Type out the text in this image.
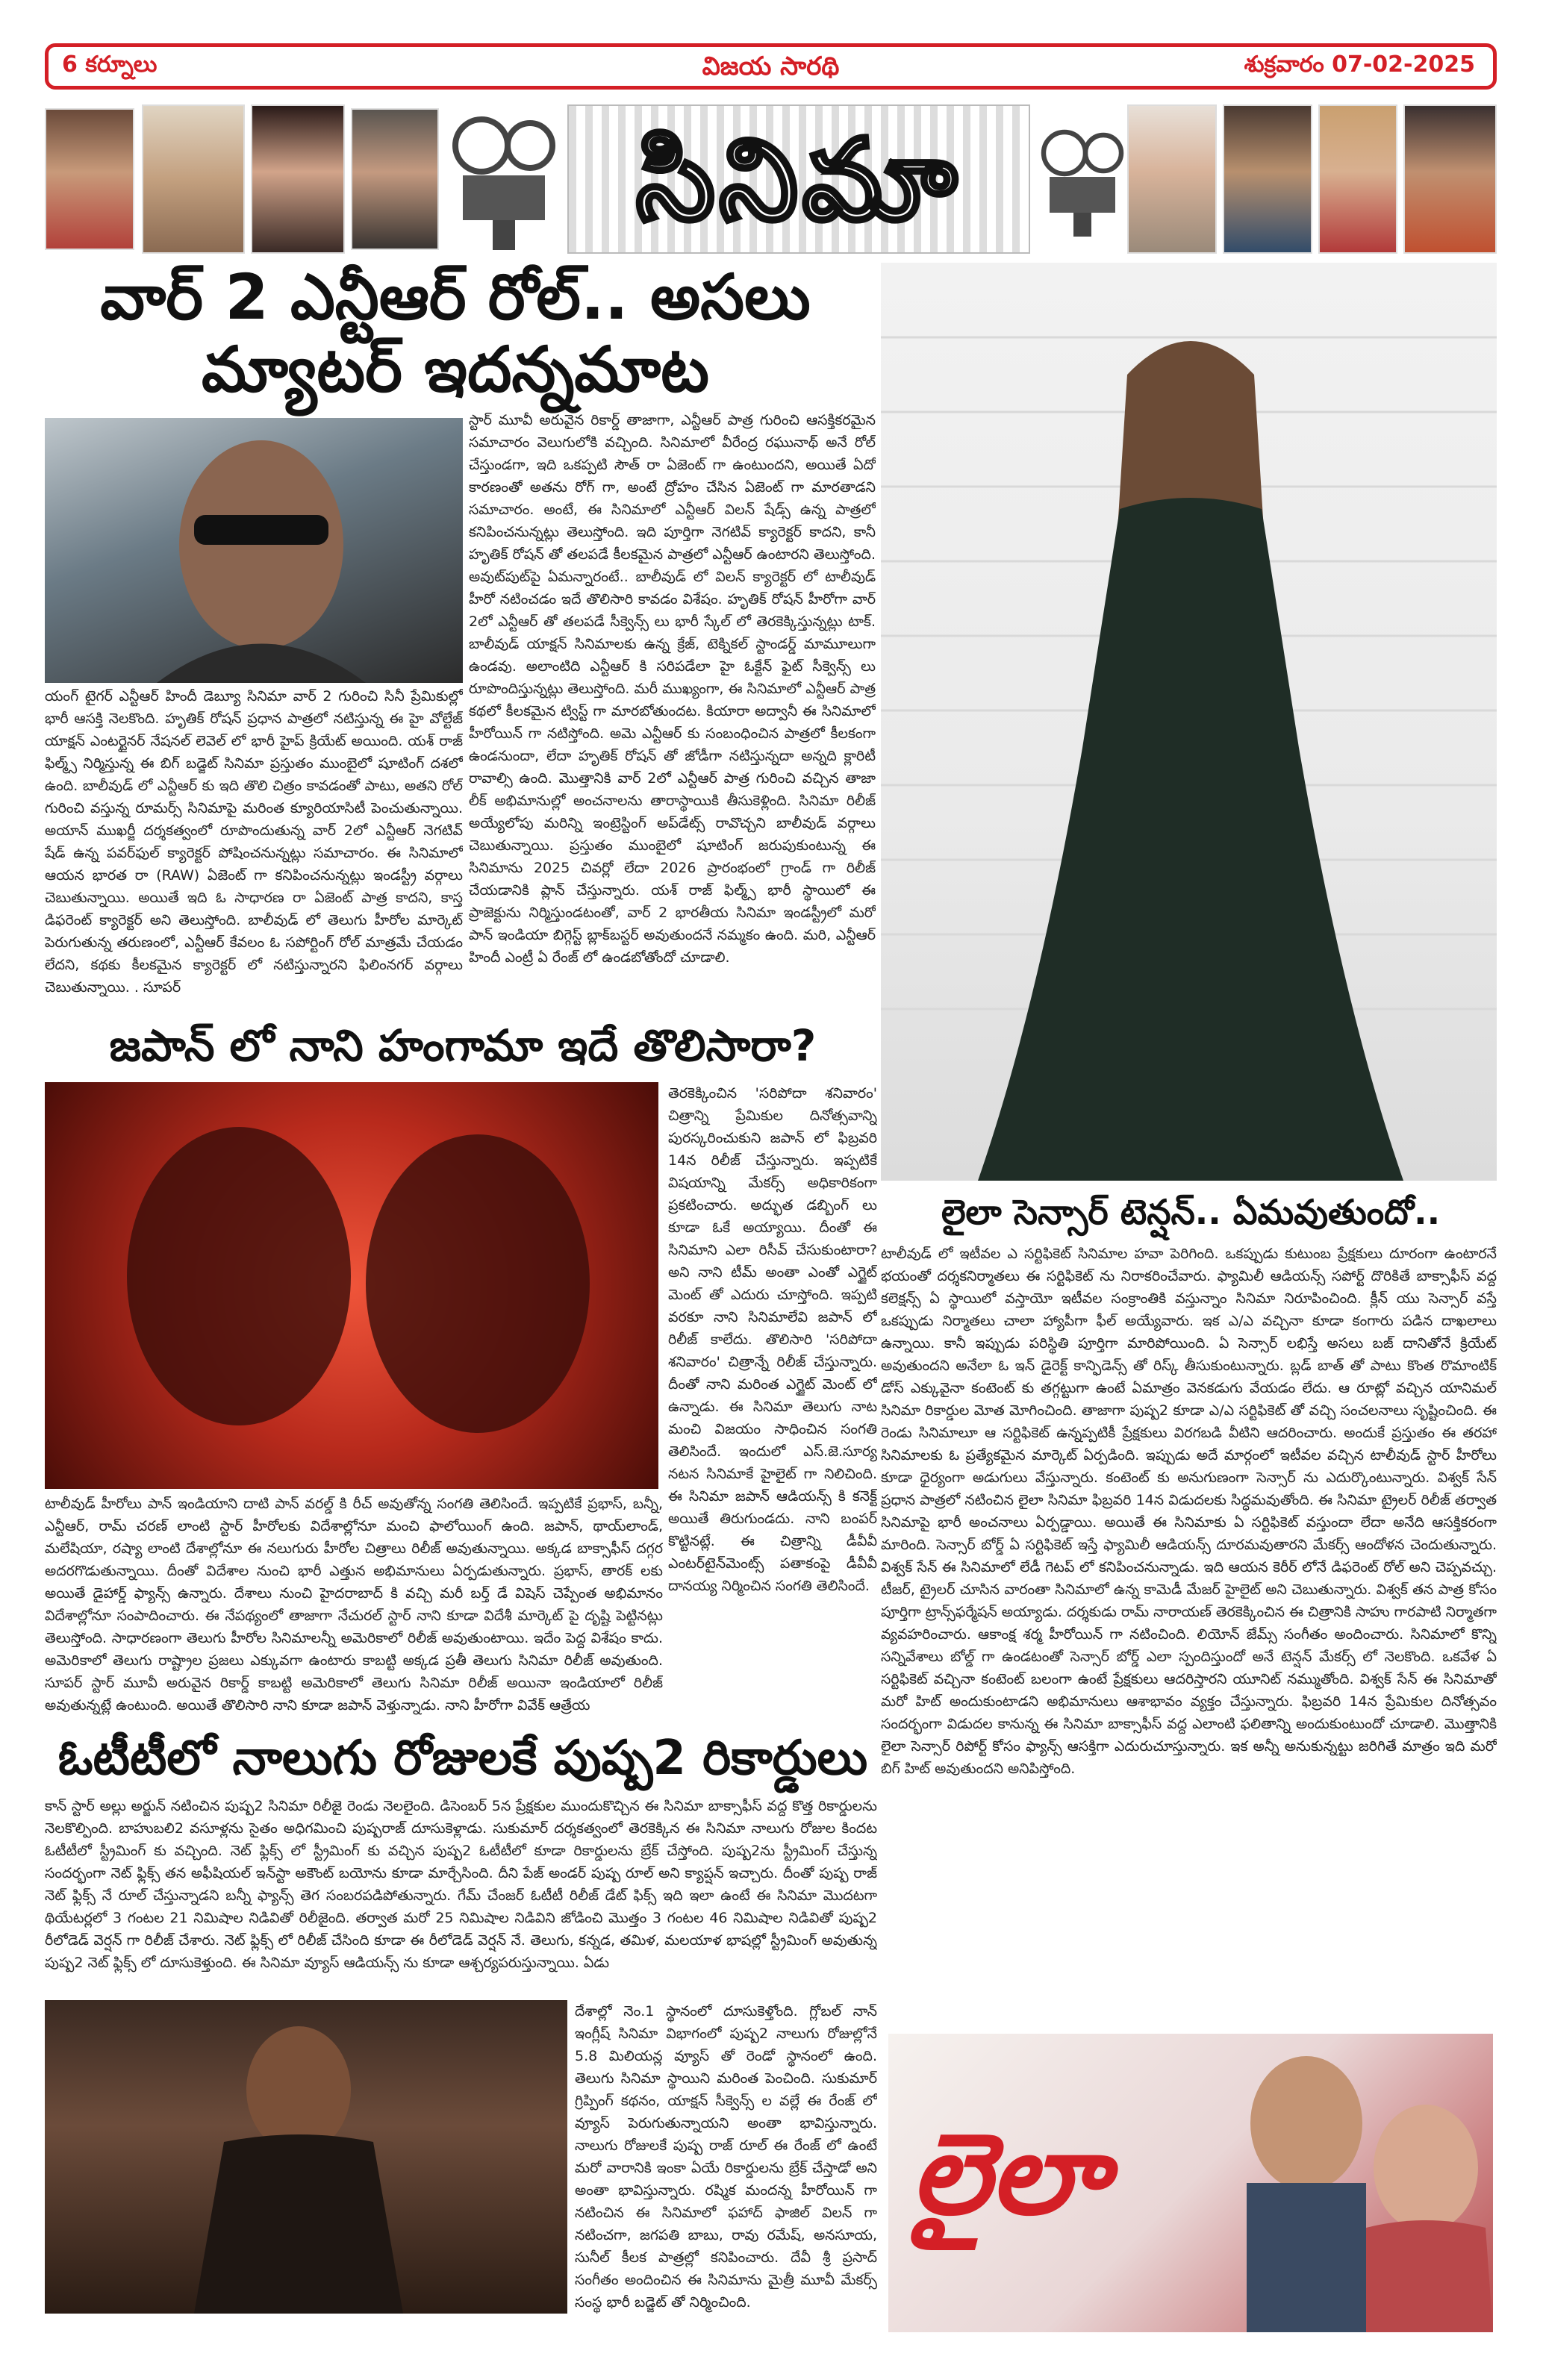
6 కర్నూలు	విజయ సారథి	శుక్రవారం 07-02-2025
సినిమా
వార్ 2 ఎన్టీఆర్ రోల్.. అసలు మ్యాటర్ ఇదన్నమాట
స్టార్ మూవీ అరువైన రికార్డ్ తాజాగా, ఎన్టీఆర్ పాత్ర గురించి ఆసక్తికరమైన సమాచారం వెలుగులోకి వచ్చింది. సినిమాలో వీరేంద్ర రఘునాథ్ అనే రోల్ చేస్తుండగా, ఇది ఒకప్పటి సౌత్ రా ఏజెంట్ గా ఉంటుందని, అయితే ఏదో కారణంతో అతను రోగ్ గా, అంటే ద్రోహం చేసిన ఏజెంట్ గా మారతాడని సమాచారం. అంటే, ఈ సినిమాలో ఎన్టీఆర్ విలన్ షేడ్స్ ఉన్న పాత్రలో కనిపించనున్నట్లు తెలుస్తోంది. ఇది పూర్తిగా నెగటివ్ క్యారెక్టర్ కాదని, కానీ హృతిక్ రోషన్ తో తలపడే కీలకమైన పాత్రలో ఎన్టీఆర్ ఉంటారని తెలుస్తోంది. అవుట్‌పుట్‌పై ఏమన్నారంటే.. బాలీవుడ్ లో విలన్ క్యారెక్టర్ లో టాలీవుడ్ హీరో నటించడం ఇదే తొలిసారి కావడం విశేషం. హృతిక్ రోషన్ హీరోగా వార్ 2లో ఎన్టీఆర్ తో తలపడే సీక్వెన్స్ లు భారీ స్కేల్ లో తెరకెక్కిస్తున్నట్లు టాక్. బాలీవుడ్ యాక్షన్ సినిమాలకు ఉన్న క్రేజ్, టెక్నికల్ స్టాండర్డ్ మామూలుగా ఉండవు. అలాంటిది ఎన్టీఆర్ కి సరిపడేలా హై ఓక్టేన్ ఫైట్ సీక్వెన్స్ లు రూపొందిస్తున్నట్లు తెలుస్తోంది. మరీ ముఖ్యంగా, ఈ సినిమాలో ఎన్టీఆర్ పాత్ర కథలో కీలకమైన ట్విస్ట్ గా మారబోతుందట. కియారా అద్వానీ ఈ సినిమాలో హీరోయిన్ గా నటిస్తోంది. అమె ఎన్టీఆర్ కు సంబంధించిన పాత్రలో కీలకంగా ఉండనుందా, లేదా హృతిక్ రోషన్ తో జోడీగా నటిస్తున్నదా అన్నది క్లారిటీ రావాల్సి ఉంది. మొత్తానికి వార్ 2లో ఎన్టీఆర్ పాత్ర గురించి వచ్చిన తాజా లీక్ అభిమానుల్లో అంచనాలను తారాస్థాయికి తీసుకెళ్లింది. సినిమా రిలీజ్ అయ్యేలోపు మరిన్ని ఇంట్రెస్టింగ్ అప్‌డేట్స్ రావొచ్చని బాలీవుడ్ వర్గాలు చెబుతున్నాయి. ప్రస్తుతం ముంబైలో షూటింగ్ జరుపుకుంటున్న ఈ సినిమాను 2025 చివర్లో లేదా 2026 ప్రారంభంలో గ్రాండ్ గా రిలీజ్ చేయడానికి ప్లాన్ చేస్తున్నారు. యశ్ రాజ్ ఫిల్మ్స్ భారీ స్థాయిలో ఈ ప్రాజెక్టును నిర్మిస్తుండటంతో, వార్ 2 భారతీయ సినిమా ఇండస్ట్రీలో మరో పాన్ ఇండియా బిగ్గెస్ట్ బ్లాక్‌బస్టర్ అవుతుందనే నమ్మకం ఉంది. మరి, ఎన్టీఆర్ హిందీ ఎంట్రీ ఏ రేంజ్ లో ఉండబోతోందో చూడాలి.
యంగ్ టైగర్ ఎన్టీఆర్ హిందీ డెబ్యూ సినిమా వార్ 2 గురించి సినీ ప్రేమికుల్లో భారీ ఆసక్తి నెలకొంది. హృతిక్ రోషన్ ప్రధాన పాత్రలో నటిస్తున్న ఈ హై వోల్టేజ్ యాక్షన్ ఎంటర్టైనర్ నేషనల్ లెవెల్ లో భారీ హైప్ క్రియేట్ అయింది. యశ్ రాజ్ ఫిల్మ్స్ నిర్మిస్తున్న ఈ బిగ్ బడ్జెట్ సినిమా ప్రస్తుతం ముంబైలో షూటింగ్ దశలో ఉంది. బాలీవుడ్ లో ఎన్టీఆర్ కు ఇది తొలి చిత్రం కావడంతో పాటు, అతని రోల్ గురించి వస్తున్న రూమర్స్ సినిమాపై మరింత క్యూరియాసిటీ పెంచుతున్నాయి. అయాన్ ముఖర్జీ దర్శకత్వంలో రూపొందుతున్న వార్ 2లో ఎన్టీఆర్ నెగటివ్ షేడ్ ఉన్న పవర్‌ఫుల్ క్యారెక్టర్ పోషించనున్నట్లు సమాచారం. ఈ సినిమాలో ఆయన భారత రా (RAW) ఏజెంట్ గా కనిపించనున్నట్లు ఇండస్ట్రీ వర్గాలు చెబుతున్నాయి. అయితే ఇది ఓ సాధారణ రా ఏజెంట్ పాత్ర కాదని, కాస్త డిఫరెంట్ క్యారెక్టర్ అని తెలుస్తోంది. బాలీవుడ్ లో తెలుగు హీరోల మార్కెట్ పెరుగుతున్న తరుణంలో, ఎన్టీఆర్ కేవలం ఓ సపోర్టింగ్ రోల్ మాత్రమే చేయడం లేదని, కథకు కీలకమైన క్యారెక్టర్ లో నటిస్తున్నారని ఫిలింనగర్ వర్గాలు చెబుతున్నాయి. . సూపర్
జపాన్ లో నాని హంగామా ఇదే తొలిసారా?
తెరకెక్కించిన 'సరిపోదా శనివారం' చిత్రాన్ని ప్రేమికుల దినోత్సవాన్ని పురస్కరించుకుని జపాన్ లో ఫిబ్రవరి 14న రిలీజ్ చేస్తున్నారు. ఇప్పటికే విషయాన్ని మేకర్స్ అధికారికంగా ప్రకటించారు. అద్భుత డబ్బింగ్ లు కూడా ఓకే అయ్యాయి. దీంతో ఈ సినిమాని ఎలా రిసీవ్ చేసుకుంటారా? అని నాని టీమ్ అంతా ఎంతో ఎగ్జైట్ మెంట్ తో ఎదురు చూస్తోంది. ఇప్పటి వరకూ నాని సినిమాలేవి జపాన్ లో రిలీజ్ కాలేదు. తొలిసారి 'సరిపోదా శనివారం' చిత్రాన్నే రిలీజ్ చేస్తున్నారు. దీంతో నాని మరింత ఎగ్జైట్ మెంట్ లో ఉన్నాడు. ఈ సినిమా తెలుగు నాట మంచి విజయం సాధించిన సంగతి తెలిసిందే. ఇందులో ఎస్.జె.సూర్య నటన సినిమాకే హైలైట్ గా నిలిచింది. ఈ సినిమా జపాన్ ఆడియన్స్ కి కనెక్ట్ అయితే తిరుగుండదు. నాని బంపర్ కొట్టినట్లే. ఈ చిత్రాన్ని డీవీవీ ఎంటర్‌టైన్‌మెంట్స్ పతాకంపై డీవీవీ దానయ్య నిర్మించిన సంగతి తెలిసిందే.
టాలీవుడ్ హీరోలు పాన్ ఇండియాని దాటి పాన్ వరల్డ్ కి రీచ్ అవుతోన్న సంగతి తెలిసిందే. ఇప్పటికే ప్రభాస్, బన్నీ, ఎన్టీఆర్, రామ్ చరణ్ లాంటి స్టార్ హీరోలకు విదేశాల్లోనూ మంచి ఫాలోయింగ్ ఉంది. జపాన్, థాయ్‌లాండ్, మలేషియా, రష్యా లాంటి దేశాల్లోనూ ఈ నలుగురు హీరోల చిత్రాలు రిలీజ్ అవుతున్నాయి. అక్కడ బాక్సాఫీస్ దగ్గర అదరగొడుతున్నాయి. దీంతో విదేశాల నుంచి భారీ ఎత్తున అభిమానులు ఏర్పడుతున్నారు. ప్రభాస్, తారక్ లకు అయితే డైహార్డ్ ఫ్యాన్స్ ఉన్నారు. దేశాలు నుంచి హైదరాబాద్ కి వచ్చి మరీ బర్త్ డే విషెస్ చెప్పేంత అభిమానం విదేశాల్లోనూ సంపాదించారు. ఈ నేపథ్యంలో తాజాగా నేచురల్ స్టార్ నాని కూడా విదేశీ మార్కెట్ పై దృష్టి పెట్టినట్లు తెలుస్తోంది. సాధారణంగా తెలుగు హీరోల సినిమాలన్నీ అమెరికాలో రిలీజ్ అవుతుంటాయి. ఇదేం పెద్ద విశేషం కాదు. అమెరికాలో తెలుగు రాష్ట్రాల ప్రజలు ఎక్కువగా ఉంటారు కాబట్టి అక్కడ ప్రతీ తెలుగు సినిమా రిలీజ్ అవుతుంది. సూపర్ స్టార్ మూవీ అరువైన రికార్డ్ కాబట్టి అమెరికాలో తెలుగు సినిమా రిలీజ్ అయినా ఇండియాలో రిలీజ్ అవుతున్నట్లే ఉంటుంది. అయితే తొలిసారి నాని కూడా జపాన్ వెళ్తున్నాడు. నాని హీరోగా వివేక్ ఆత్రేయ
లైలా సెన్సార్ టెన్షన్.. ఏమవుతుందో..
టాలీవుడ్ లో ఇటీవల ఎ సర్టిఫికెట్ సినిమాల హవా పెరిగింది. ఒకప్పుడు కుటుంబ ప్రేక్షకులు దూరంగా ఉంటారనే భయంతో దర్శకనిర్మాతలు ఈ సర్టిఫికెట్ ను నిరాకరించేవారు. ఫ్యామిలీ ఆడియన్స్ సపోర్ట్ దొరికితే బాక్సాఫీస్ వద్ద కలెక్షన్స్ ఏ స్థాయిలో వస్తాయో ఇటీవల సంక్రాంతికి వస్తున్నాం సినిమా నిరూపించింది. క్లీన్ యు సెన్సార్ వస్తే ఒకప్పుడు నిర్మాతలు చాలా హ్యాపీగా ఫీల్ అయ్యేవారు. ఇక ఎ/ఎ వచ్చినా కూడా కంగారు పడిన దాఖలాలు ఉన్నాయి. కానీ ఇప్పుడు పరిస్థితి పూర్తిగా మారిపోయింది. ఏ సెన్సార్ లభిస్తే అసలు బజ్ దానితోనే క్రియేట్ అవుతుందని అనేలా ఓ ఇన్ డైరెక్ట్ కాన్ఫిడెన్స్ తో రిస్క్ తీసుకుంటున్నారు. బ్లడ్ బాత్ తో పాటు కొంత రొమాంటిక్ డోస్ ఎక్కువైనా కంటెంట్ కు తగ్గట్టుగా ఉంటే ఏమాత్రం వెనకడుగు వేయడం లేదు. ఆ రూట్లో వచ్చిన యానిమల్ సినిమా రికార్డుల మోత మోగించింది. తాజాగా పుష్ప2 కూడా ఎ/ఎ సర్టిఫికెట్ తో వచ్చి సంచలనాలు సృష్టించింది. ఈ రెండు సినిమాలూ ఆ సర్టిఫికెట్ ఉన్నప్పటికీ ప్రేక్షకులు విరగబడి వీటిని ఆదరించారు. అందుకే ప్రస్తుతం ఈ తరహా సినిమాలకు ఓ ప్రత్యేకమైన మార్కెట్ ఏర్పడింది. ఇప్పుడు అదే మార్గంలో ఇటీవల వచ్చిన టాలీవుడ్ స్టార్ హీరోలు కూడా ధైర్యంగా అడుగులు వేస్తున్నారు. కంటెంట్ కు అనుగుణంగా సెన్సార్ ను ఎదుర్కొంటున్నారు. విశ్వక్ సేన్ ప్రధాన పాత్రలో నటించిన లైలా సినిమా ఫిబ్రవరి 14న విడుదలకు సిద్ధమవుతోంది. ఈ సినిమా ట్రైలర్ రిలీజ్ తర్వాత సినిమాపై భారీ అంచనాలు ఏర్పడ్డాయి. అయితే ఈ సినిమాకు ఏ సర్టిఫికెట్ వస్తుందా లేదా అనేది ఆసక్తికరంగా మారింది. సెన్సార్ బోర్డ్ ఏ సర్టిఫికెట్ ఇస్తే ఫ్యామిలీ ఆడియన్స్ దూరమవుతారని మేకర్స్ ఆందోళన చెందుతున్నారు. విశ్వక్ సేన్ ఈ సినిమాలో లేడీ గెటప్ లో కనిపించనున్నాడు. ఇది ఆయన కెరీర్ లోనే డిఫరెంట్ రోల్ అని చెప్పవచ్చు. టీజర్, ట్రైలర్ చూసిన వారంతా సినిమాలో ఉన్న కామెడీ మేజర్ హైలైట్ అని చెబుతున్నారు. విశ్వక్ తన పాత్ర కోసం పూర్తిగా ట్రాన్స్‌ఫర్మేషన్ అయ్యాడు. దర్శకుడు రామ్ నారాయణ్ తెరకెక్కించిన ఈ చిత్రానికి సాహు గారపాటి నిర్మాతగా వ్యవహరించారు. ఆకాంక్ష శర్మ హీరోయిన్ గా నటించింది. లియోన్ జేమ్స్ సంగీతం అందించారు. సినిమాలో కొన్ని సన్నివేశాలు బోల్డ్ గా ఉండటంతో సెన్సార్ బోర్డ్ ఎలా స్పందిస్తుందో అనే టెన్షన్ మేకర్స్ లో నెలకొంది. ఒకవేళ ఏ సర్టిఫికెట్ వచ్చినా కంటెంట్ బలంగా ఉంటే ప్రేక్షకులు ఆదరిస్తారని యూనిట్ నమ్ముతోంది. విశ్వక్ సేన్ ఈ సినిమాతో మరో హిట్ అందుకుంటాడని అభిమానులు ఆశాభావం వ్యక్తం చేస్తున్నారు. ఫిబ్రవరి 14న ప్రేమికుల దినోత్సవం సందర్భంగా విడుదల కానున్న ఈ సినిమా బాక్సాఫీస్ వద్ద ఎలాంటి ఫలితాన్ని అందుకుంటుందో చూడాలి. మొత్తానికి లైలా సెన్సార్ రిపోర్ట్ కోసం ఫ్యాన్స్ ఆసక్తిగా ఎదురుచూస్తున్నారు. ఇక అన్నీ అనుకున్నట్టు జరిగితే మాత్రం ఇది మరో బిగ్ హిట్ అవుతుందని అనిపిస్తోంది.
లైలా
ఓటీటీలో నాలుగు రోజులకే పుష్ప2 రికార్డులు
కాన్ స్టార్ అల్లు అర్జున్ నటించిన పుష్ప2 సినిమా రిలీజై రెండు నెలలైంది. డిసెంబర్ 5న ప్రేక్షకుల ముందుకొచ్చిన ఈ సినిమా బాక్సాఫీస్ వద్ద కొత్త రికార్డులను నెలకొల్పింది. బాహుబలి2 వసూళ్లను సైతం అధిగమించి పుష్పరాజ్ దూసుకెళ్లాడు. సుకుమార్ దర్శకత్వంలో తెరకెక్కిన ఈ సినిమా నాలుగు రోజుల కిందట ఓటీటీలో స్ట్రీమింగ్ కు వచ్చింది. నెట్ ఫ్లిక్స్ లో స్ట్రీమింగ్ కు వచ్చిన పుష్ప2 ఓటీటీలో కూడా రికార్డులను బ్రేక్ చేస్తోంది. పుష్ప2ను స్ట్రీమింగ్ చేస్తున్న సందర్భంగా నెట్ ఫ్లిక్స్ తన అఫీషియల్ ఇన్‌స్టా అకౌంట్ బయోను కూడా మార్చేసింది. దీని పేజ్ అండర్ పుష్ప రూల్ అని క్యాప్షన్ ఇచ్చారు. దీంతో పుష్ప రాజ్ నెట్ ఫ్లిక్స్ నే రూల్ చేస్తున్నాడని బన్నీ ఫ్యాన్స్ తెగ సంబరపడిపోతున్నారు. గేమ్ చేంజర్ ఓటీటీ రిలీజ్ డేట్ ఫిక్స్ ఇది ఇలా ఉంటే ఈ సినిమా మొదటగా థియేటర్లలో 3 గంటల 21 నిమిషాల నిడివితో రిలీజైంది. తర్వాత మరో 25 నిమిషాల నిడివిని జోడించి మొత్తం 3 గంటల 46 నిమిషాల నిడివితో పుష్ప2 రీలోడెడ్ వెర్షన్ గా రిలీజ్ చేశారు. నెట్ ఫ్లిక్స్ లో రిలీజ్ చేసింది కూడా ఈ రీలోడెడ్ వెర్షన్ నే. తెలుగు, కన్నడ, తమిళ, మలయాళ భాషల్లో స్ట్రీమింగ్ అవుతున్న పుష్ప2 నెట్ ఫ్లిక్స్ లో దూసుకెళ్తుంది. ఈ సినిమా వ్యూస్ ఆడియన్స్ ను కూడా ఆశ్చర్యపరుస్తున్నాయి. ఏడు
దేశాల్లో నెం.1 స్థానంలో దూసుకెళ్తోంది. గ్లోబల్ నాన్ ఇంగ్లీష్ సినిమా విభాగంలో పుష్ప2 నాలుగు రోజుల్లోనే 5.8 మిలియన్ల వ్యూస్ తో రెండో స్థానంలో ఉంది. తెలుగు సినిమా స్థాయిని మరింత పెంచింది. సుకుమార్ గ్రిప్పింగ్ కథనం, యాక్షన్ సీక్వెన్స్ ల వల్లే ఈ రేంజ్ లో వ్యూస్ పెరుగుతున్నాయని అంతా భావిస్తున్నారు. నాలుగు రోజులకే పుష్ప రాజ్ రూల్ ఈ రేంజ్ లో ఉంటే మరో వారానికి ఇంకా ఏయే రికార్డులను బ్రేక్ చేస్తాడో అని అంతా భావిస్తున్నారు. రష్మిక మందన్న హీరోయిన్ గా నటించిన ఈ సినిమాలో ఫహాద్ ఫాజిల్ విలన్ గా నటించగా, జగపతి బాబు, రావు రమేష్, అనసూయ, సునీల్ కీలక పాత్రల్లో కనిపించారు. దేవీ శ్రీ ప్రసాద్ సంగీతం అందించిన ఈ సినిమాను మైత్రీ మూవీ మేకర్స్ సంస్థ భారీ బడ్జెట్ తో నిర్మించింది.
